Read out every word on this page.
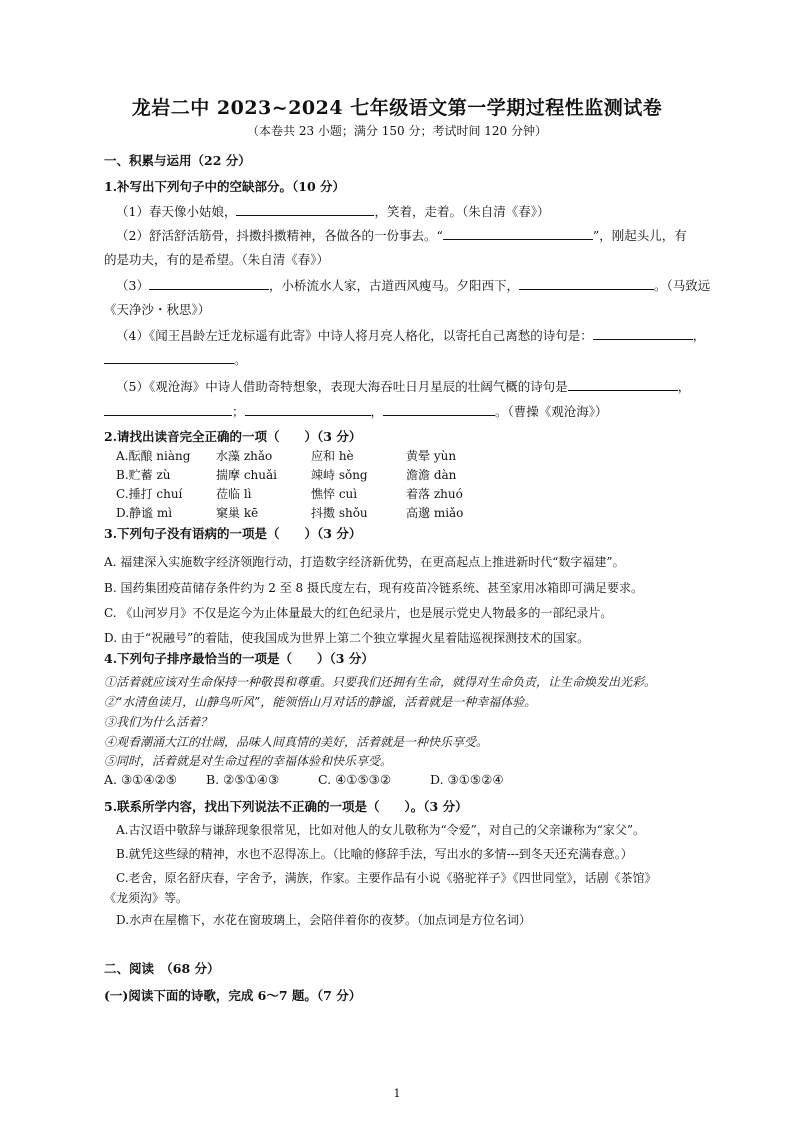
龙岩二中 2023~2024 七年级语文第一学期过程性监测试卷
（本卷共 23 小题；满分 150 分；考试时间 120 分钟）
一、积累与运用（22 分）
1.补写出下列句子中的空缺部分。（10 分）
（1）春天像小姑娘，	，笑着，走着。（朱自清《春》）
（2）舒活舒活筋骨，抖擞抖擞精神，各做各的一份事去。“	”，刚起头儿，有
的是功夫，有的是希望。（朱自清《春》）
（3）	，小桥流水人家，古道西风瘦马。夕阳西下，	。（马致远
《天净沙・秋思》）
（4）《闻王昌龄左迁龙标遥有此寄》中诗人将月亮人格化，以寄托自己离愁的诗句是：	，
。
（5）《观沧海》中诗人借助奇特想象，表现大海吞吐日月星辰的壮阔气概的诗句是	，
；	，	。（曹操《观沧海》）
2.请找出读音完全正确的一项（　　）（3 分）
A.酝酿 niàng 水藻 zhǎo	应和 hè	黄晕 yùn
B.贮蓄 zù	揣摩 chuǎi	竦峙 sǒng	澹澹 dàn
C.捶打 chuí	莅临 lì	憔悴 cuì	着落 zhuó
D.静谧 mì	窠巢 kē	抖擞 shǒu	高邈 miǎo
3.下列句子没有语病的一项是（　　）（3 分）
A. 福建深入实施数字经济领跑行动，打造数字经济新优势，在更高起点上推进新时代“数字福建”。
B. 国药集团疫苗储存条件约为 2 至 8 摄氏度左右，现有疫苗冷链系统、甚至家用冰箱即可满足要求。
C. 《山河岁月》不仅是迄今为止体量最大的红色纪录片，也是展示党史人物最多的一部纪录片。
D. 由于“祝融号”的着陆，使我国成为世界上第二个独立掌握火星着陆巡视探测技术的国家。
4.下列句子排序最恰当的一项是（　　）（3 分）
①活着就应该对生命保持一种敬畏和尊重。只要我们还拥有生命，就得对生命负责，让生命焕发出光彩。
②“水清鱼读月，山静鸟听风”，能领悟山月对话的静谧，活着就是一种幸福体验。
③我们为什么活着？
④观看潮涌大江的壮阔，品味人间真情的美好，活着就是一种快乐享受。
⑤同时，活着就是对生命过程的幸福体验和快乐享受。
A. ③①④②⑤ B. ②⑤①④③	C. ④①⑤③②	D. ③①⑤②④
5.联系所学内容，找出下列说法不正确的一项是（　　）。（3 分）
A.古汉语中敬辞与谦辞现象很常见，比如对他人的女儿敬称为“令爱”，对自己的父亲谦称为“家父”。
B.就凭这些绿的精神，水也不忍得冻上。（比喻的修辞手法，写出水的多情---到冬天还充满春意。）
C.老舍，原名舒庆春，字舍予，满族，作家。主要作品有小说《骆驼祥子》《四世同堂》，话剧《茶馆》
《龙须沟》等。
D.水声在屋檐下，水花在窗玻璃上，会陪伴着你的夜梦。（加点词是方位名词）
二、阅读　（68 分）
(一)阅读下面的诗歌，完成 6～7 题。（7 分）
1
